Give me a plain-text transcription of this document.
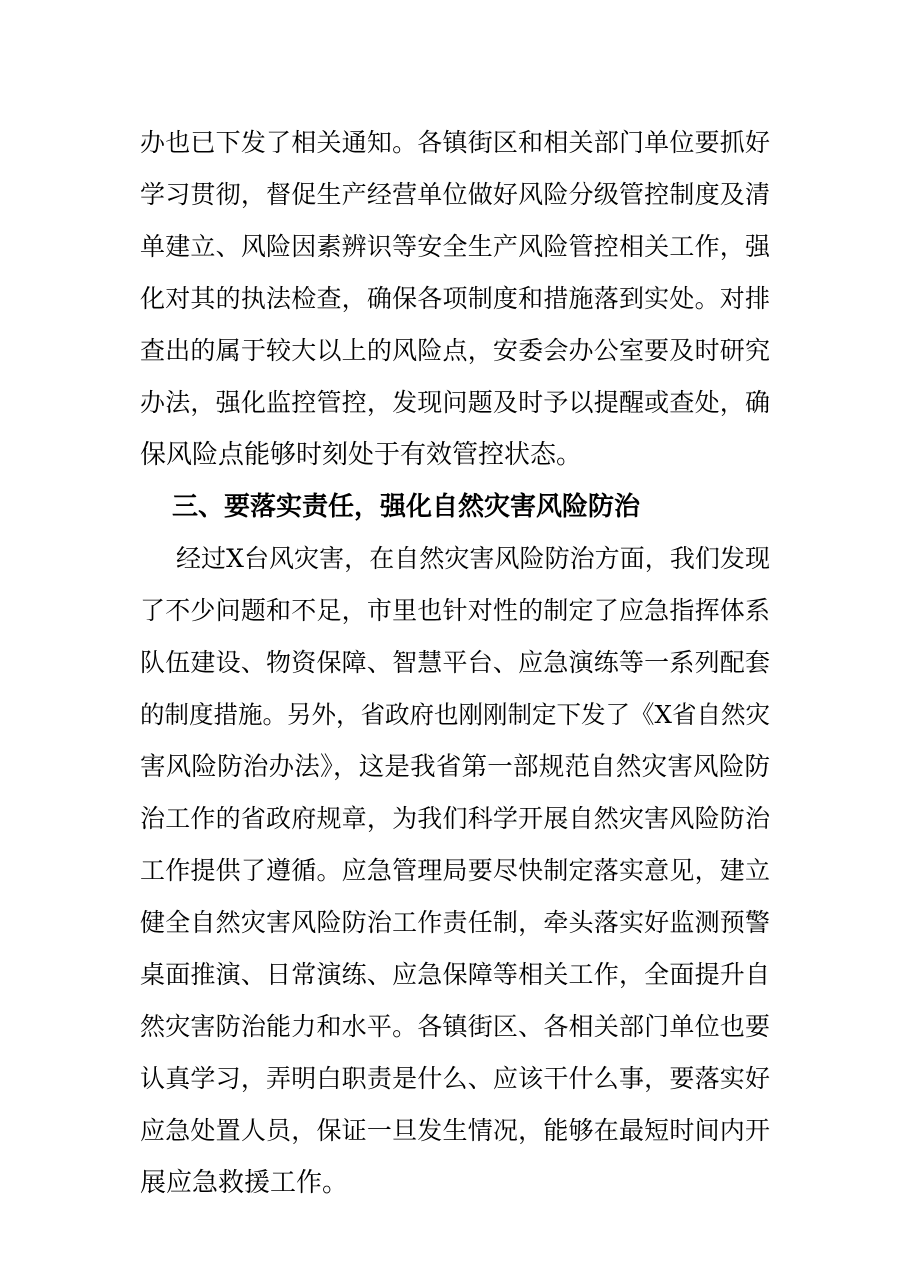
办也已下发了相关通知。各镇街区和相关部门单位要抓好
学习贯彻，督促生产经营单位做好风险分级管控制度及清
单建立、风险因素辨识等安全生产风险管控相关工作，强
化对其的执法检查，确保各项制度和措施落到实处。对排
查出的属于较大以上的风险点，安委会办公室要及时研究
办法，强化监控管控，发现问题及时予以提醒或查处，确
保风险点能够时刻处于有效管控状态。
三、要落实责任，强化自然灾害风险防治
经过X台风灾害，在自然灾害风险防治方面，我们发现
了不少问题和不足，市里也针对性的制定了应急指挥体系
队伍建设、物资保障、智慧平台、应急演练等一系列配套
的制度措施。另外，省政府也刚刚制定下发了《X省自然灾
害风险防治办法》，这是我省第一部规范自然灾害风险防
治工作的省政府规章，为我们科学开展自然灾害风险防治
工作提供了遵循。应急管理局要尽快制定落实意见，建立
健全自然灾害风险防治工作责任制，牵头落实好监测预警
桌面推演、日常演练、应急保障等相关工作，全面提升自
然灾害防治能力和水平。各镇街区、各相关部门单位也要
认真学习，弄明白职责是什么、应该干什么事，要落实好
应急处置人员，保证一旦发生情况，能够在最短时间内开
展应急救援工作。
